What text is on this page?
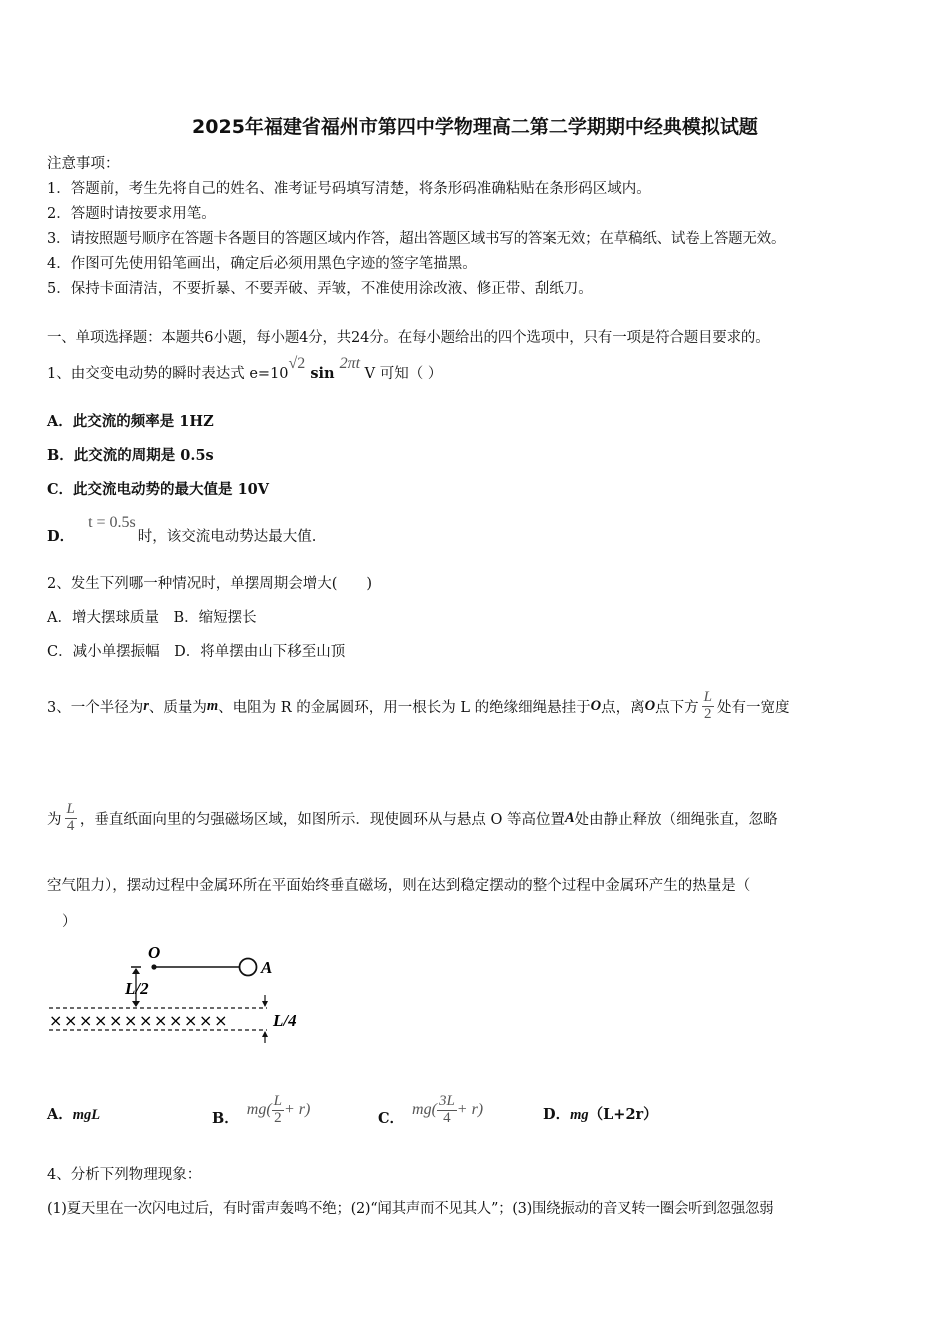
2025年福建省福州市第四中学物理高二第二学期期中经典模拟试题
注意事项：
1．答题前，考生先将自己的姓名、准考证号码填写清楚，将条形码准确粘贴在条形码区域内。
2．答题时请按要求用笔。
3．请按照题号顺序在答题卡各题目的答题区域内作答，超出答题区域书写的答案无效；在草稿纸、试卷上答题无效。
4．作图可先使用铅笔画出，确定后必须用黑色字迹的签字笔描黑。
5．保持卡面清洁，不要折暴、不要弄破、弄皱，不准使用涂改液、修正带、刮纸刀。
一、单项选择题：本题共6小题，每小题4分，共24分。在每小题给出的四个选项中，只有一项是符合题目要求的。
1、由交变电动势的瞬时表达式 e=10√2 sin 2πt V 可知（ ）
A．此交流的频率是 1HZ
B．此交流的周期是 0.5s
C．此交流电动势的最大值是 10V
D．t = 0.5s时，该交流电动势达最大值.
2、发生下列哪一种情况时，单摆周期会增大(　　)
A．增大摆球质量　B．缩短摆长
C．减小单摆振幅　D．将单摆由山下移至山顶
3、一个半径为 r 、质量为 m 、电阻为 R 的金属圆环，用一根长为 L 的绝缘细绳悬挂于 O 点，离 O 点下方 $\frac{L}{2}$ 处有一宽度
为 $\frac{L}{4}$ ，垂直纸面向里的匀强磁场区域，如图所示．现使圆环从与悬点 O 等高位置 A 处由静止释放（细绳张直，忽略
空气阻力），摆动过程中金属环所在平面始终垂直磁场，则在达到稳定摆动的整个过程中金属环产生的热量是（
）
O
A
L/2
××××××××××××	L/4
A．mgL	B．
$mg( \frac{L}{2} + r)$
C．
$mg( \frac{3L}{4} + r)$	D．mg（L+2r）
4、分析下列物理现象：
(1)夏天里在一次闪电过后，有时雷声轰鸣不绝；(2)“闻其声而不见其人”；(3)围绕振动的音叉转一圈会听到忽强忽弱
